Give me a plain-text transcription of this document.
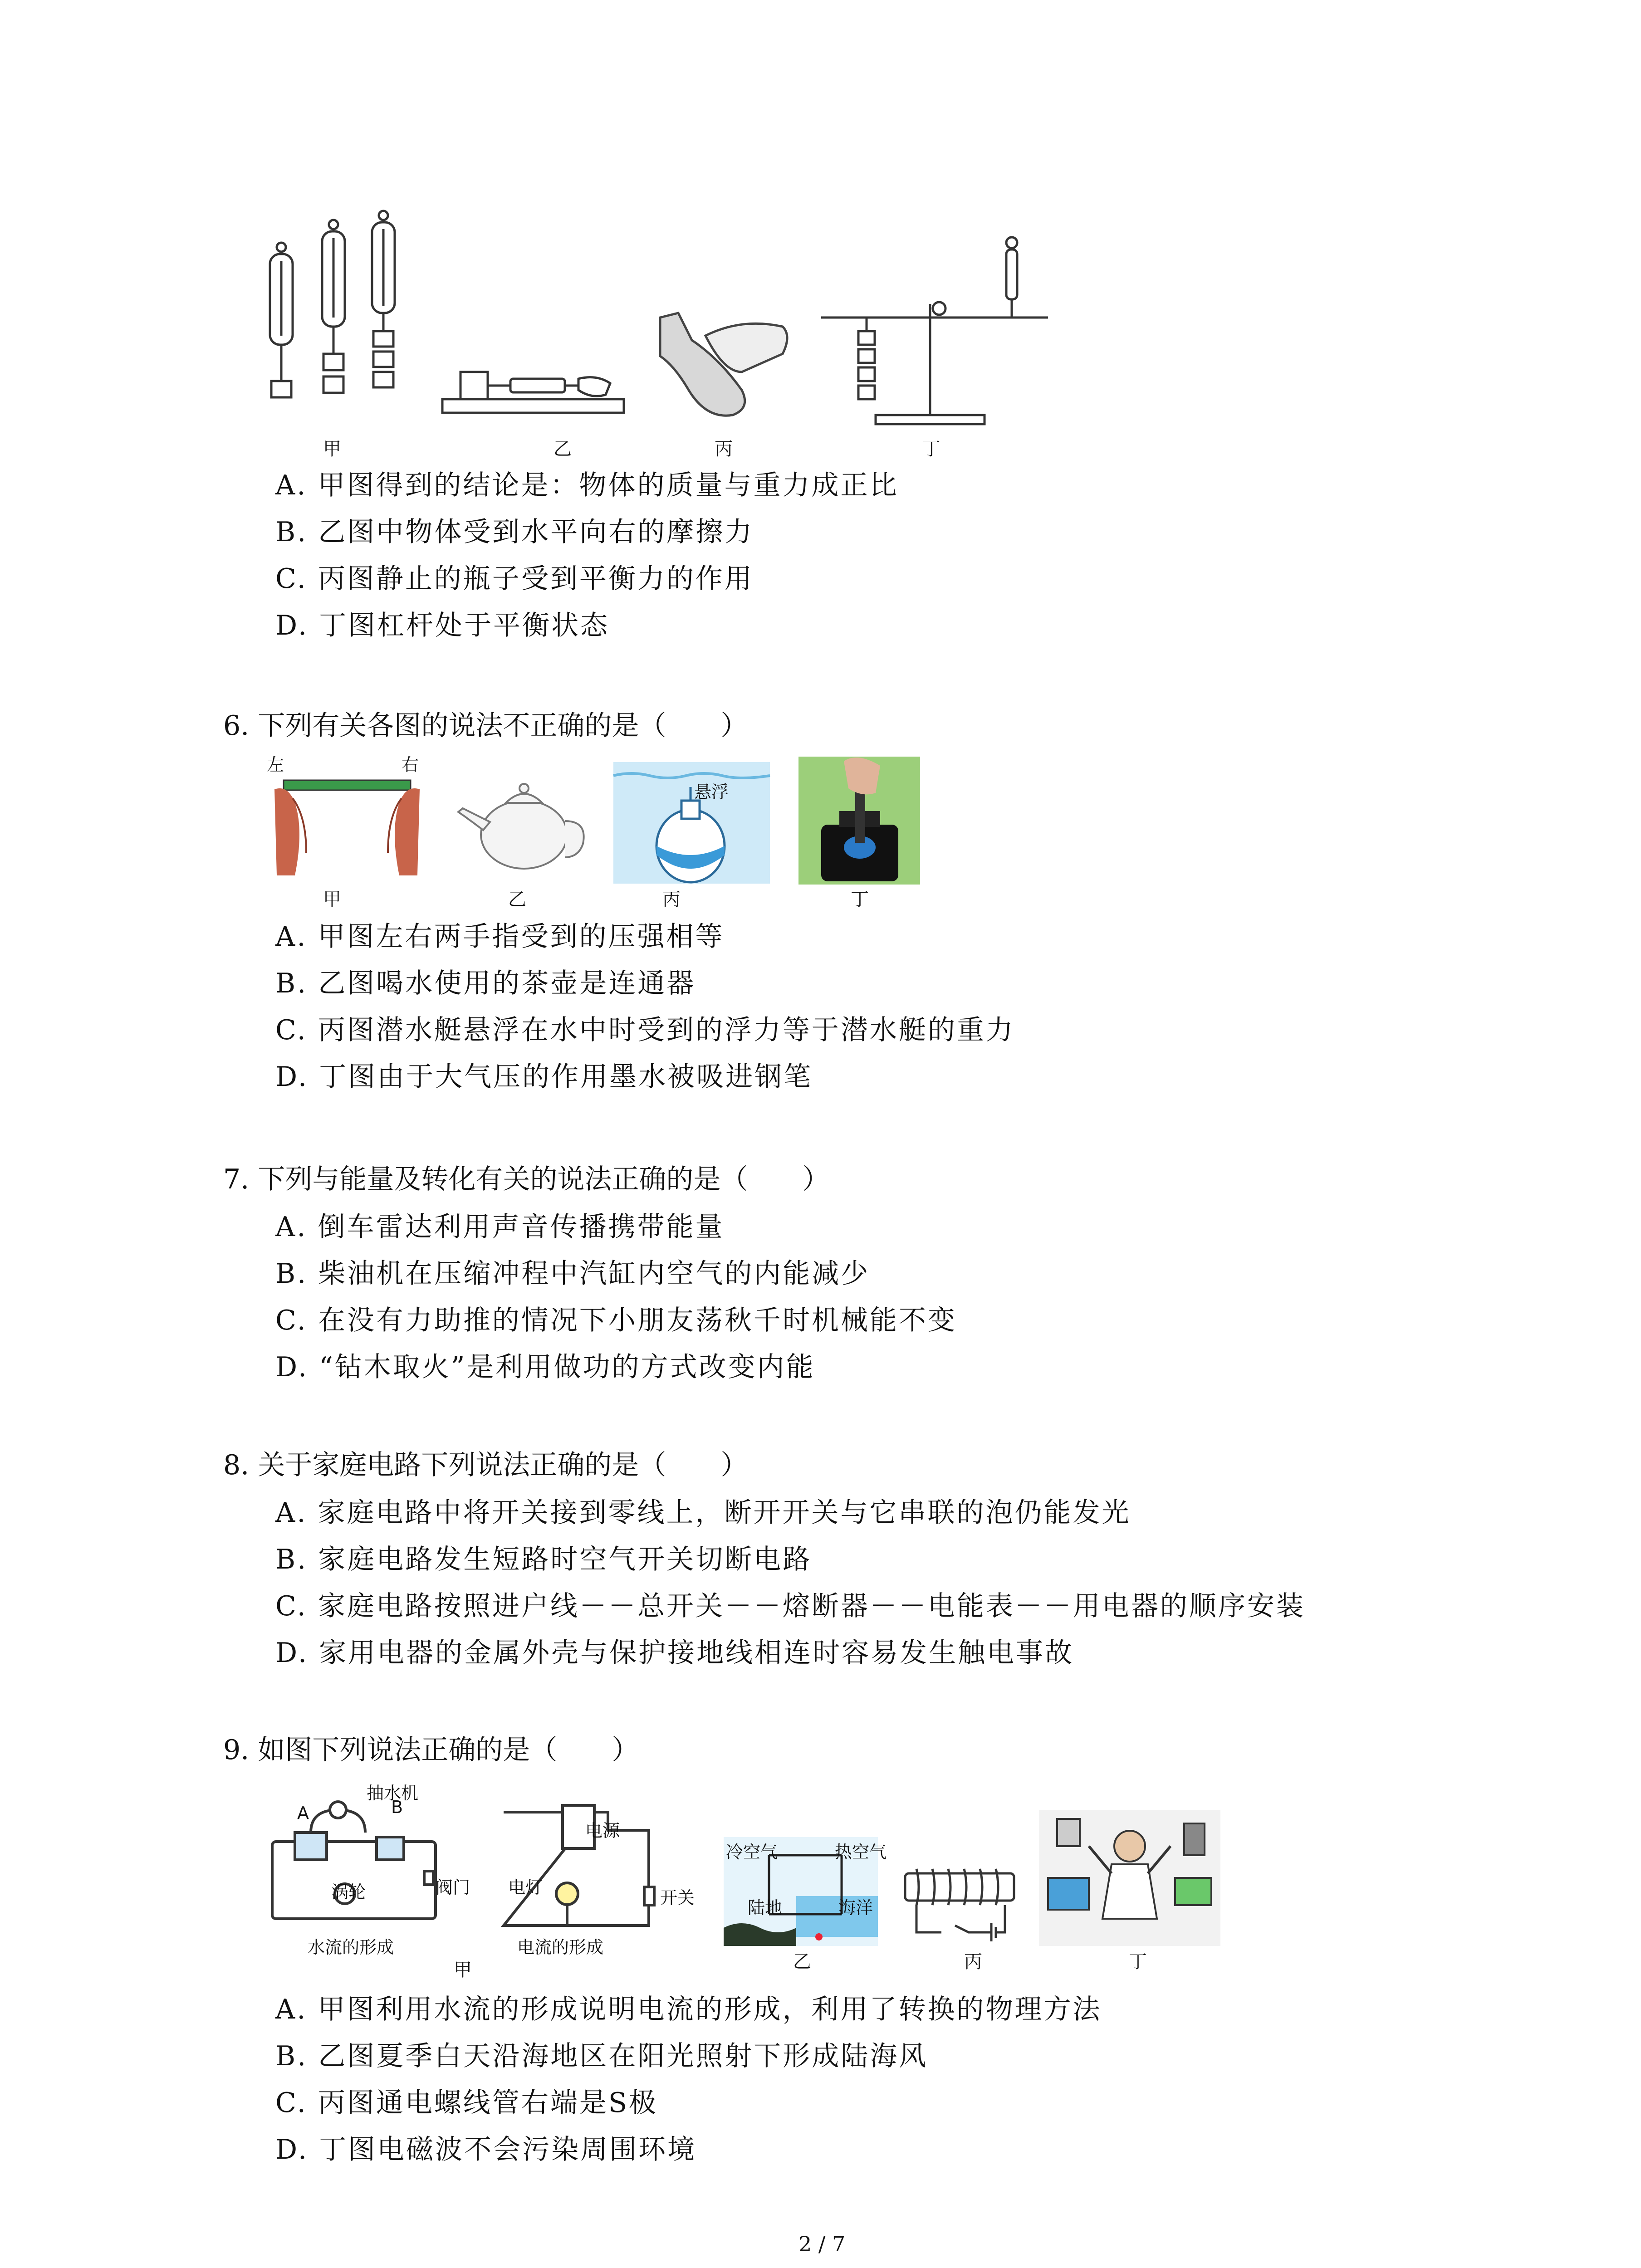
甲	乙	丙	丁
A. 甲图得到的结论是：物体的质量与重力成正比
B. 乙图中物体受到水平向右的摩擦力
C. 丙图静止的瓶子受到平衡力的作用
D. 丁图杠杆处于平衡状态
6. 下列有关各图的说法不正确的是（　　）
左	右
甲	乙
悬浮
丙	丁
A. 甲图左右两手指受到的压强相等
B. 乙图喝水使用的茶壶是连通器
C. 丙图潜水艇悬浮在水中时受到的浮力等于潜水艇的重力
D. 丁图由于大气压的作用墨水被吸进钢笔
7. 下列与能量及转化有关的说法正确的是（　　）
A. 倒车雷达利用声音传播携带能量
B. 柴油机在压缩冲程中汽缸内空气的内能减少
C. 在没有力助推的情况下小朋友荡秋千时机械能不变
D. “钻木取火”是利用做功的方式改变内能
8. 关于家庭电路下列说法正确的是（　　）
A. 家庭电路中将开关接到零线上，断开开关与它串联的泡仍能发光
B. 家庭电路发生短路时空气开关切断电路
C. 家庭电路按照进户线－－总开关－－熔断器－－电能表－－用电器的顺序安装
D. 家用电器的金属外壳与保护接地线相连时容易发生触电事故
9. 如图下列说法正确的是（　　）
抽水机
A	B
涡轮	阀门
水流的形成
电源
电灯
开关
电流的形成
甲
冷空气	热空气
陆地	海洋
乙	丙	丁
A. 甲图利用水流的形成说明电流的形成，利用了转换的物理方法
B. 乙图夏季白天沿海地区在阳光照射下形成陆海风
C. 丙图通电螺线管右端是S极
D. 丁图电磁波不会污染周围环境
2 / 7
